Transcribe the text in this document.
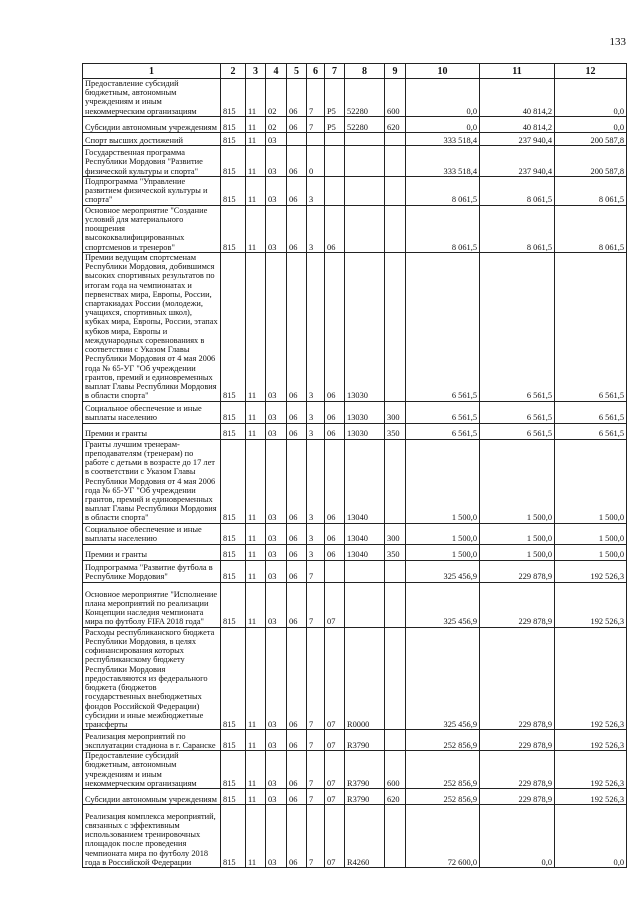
133
1	2	3	4	5	6	7	8	9	10	11	12
Предоставление субсидий бюджетным, автономным учреждениям и иным некоммерческим организациям	815	11	02	06	7	P5	52280	600	0,0	40 814,2	0,0
Субсидии автономным учреждениям	815	11	02	06	7	P5	52280	620	0,0	40 814,2	0,0
Спорт высших достижений	815	11	03						333 518,4	237 940,4	200 587,8
Государственная программа Республики Мордовия "Развитие физической культуры и спорта"	815	11	03	06	0				333 518,4	237 940,4	200 587,8
Подпрограмма "Управление развитием физической культуры и спорта"	815	11	03	06	3				8 061,5	8 061,5	8 061,5
Основное мероприятие "Создание условий для материального поощрения высококвалифицированных спортсменов и тренеров"	815	11	03	06	3	06			8 061,5	8 061,5	8 061,5
Премии ведущим спортсменам Республики Мордовия, добившимся высоких спортивных результатов по итогам года на чемпионатах и первенствах мира, Европы, России, спартакиадах России (молодежи, учащихся, спортивных школ), кубках мира, Европы, России, этапах кубков мира, Европы и международных соревнованиях в соответствии с Указом Главы Республики Мордовия от 4 мая 2006 года № 65-УГ "Об учреждении грантов, премий и единовременных выплат Главы Республики Мордовия в области спорта"	815	11	03	06	3	06	13030		6 561,5	6 561,5	6 561,5
Социальное обеспечение и иные выплаты населению	815	11	03	06	3	06	13030	300	6 561,5	6 561,5	6 561,5
Премии и гранты	815	11	03	06	3	06	13030	350	6 561,5	6 561,5	6 561,5
Гранты лучшим тренерам-преподавателям (тренерам) по работе с детьми в возрасте до 17 лет в соответствии с Указом Главы Республики Мордовия от 4 мая 2006 года № 65-УГ "Об учреждении грантов, премий и единовременных выплат Главы Республики Мордовия в области спорта"	815	11	03	06	3	06	13040		1 500,0	1 500,0	1 500,0
Социальное обеспечение и иные выплаты населению	815	11	03	06	3	06	13040	300	1 500,0	1 500,0	1 500,0
Премии и гранты	815	11	03	06	3	06	13040	350	1 500,0	1 500,0	1 500,0
Подпрограмма "Развитие футбола в Республике Мордовия"	815	11	03	06	7				325 456,9	229 878,9	192 526,3
Основное мероприятие "Исполнение плана мероприятий по реализации Концепции наследия чемпионата мира по футболу FIFA 2018 года"	815	11	03	06	7	07			325 456,9	229 878,9	192 526,3
Расходы республиканского бюджета Республики Мордовия, в целях софинансирования которых республиканскому бюджету Республики Мордовия предоставляются из федерального бюджета (бюджетов государственных внебюджетных фондов Российской Федерации) субсидии и иные межбюджетные трансферты	815	11	03	06	7	07	R0000		325 456,9	229 878,9	192 526,3
Реализация мероприятий по эксплуатации стадиона в г. Саранске	815	11	03	06	7	07	R3790		252 856,9	229 878,9	192 526,3
Предоставление субсидий бюджетным, автономным учреждениям и иным некоммерческим организациям	815	11	03	06	7	07	R3790	600	252 856,9	229 878,9	192 526,3
Субсидии автономным учреждениям	815	11	03	06	7	07	R3790	620	252 856,9	229 878,9	192 526,3
Реализация комплекса мероприятий, связанных с эффективным использованием тренировочных площадок после проведения чемпионата мира по футболу 2018 года в Российской Федерации	815	11	03	06	7	07	R4260		72 600,0	0,0	0,0
